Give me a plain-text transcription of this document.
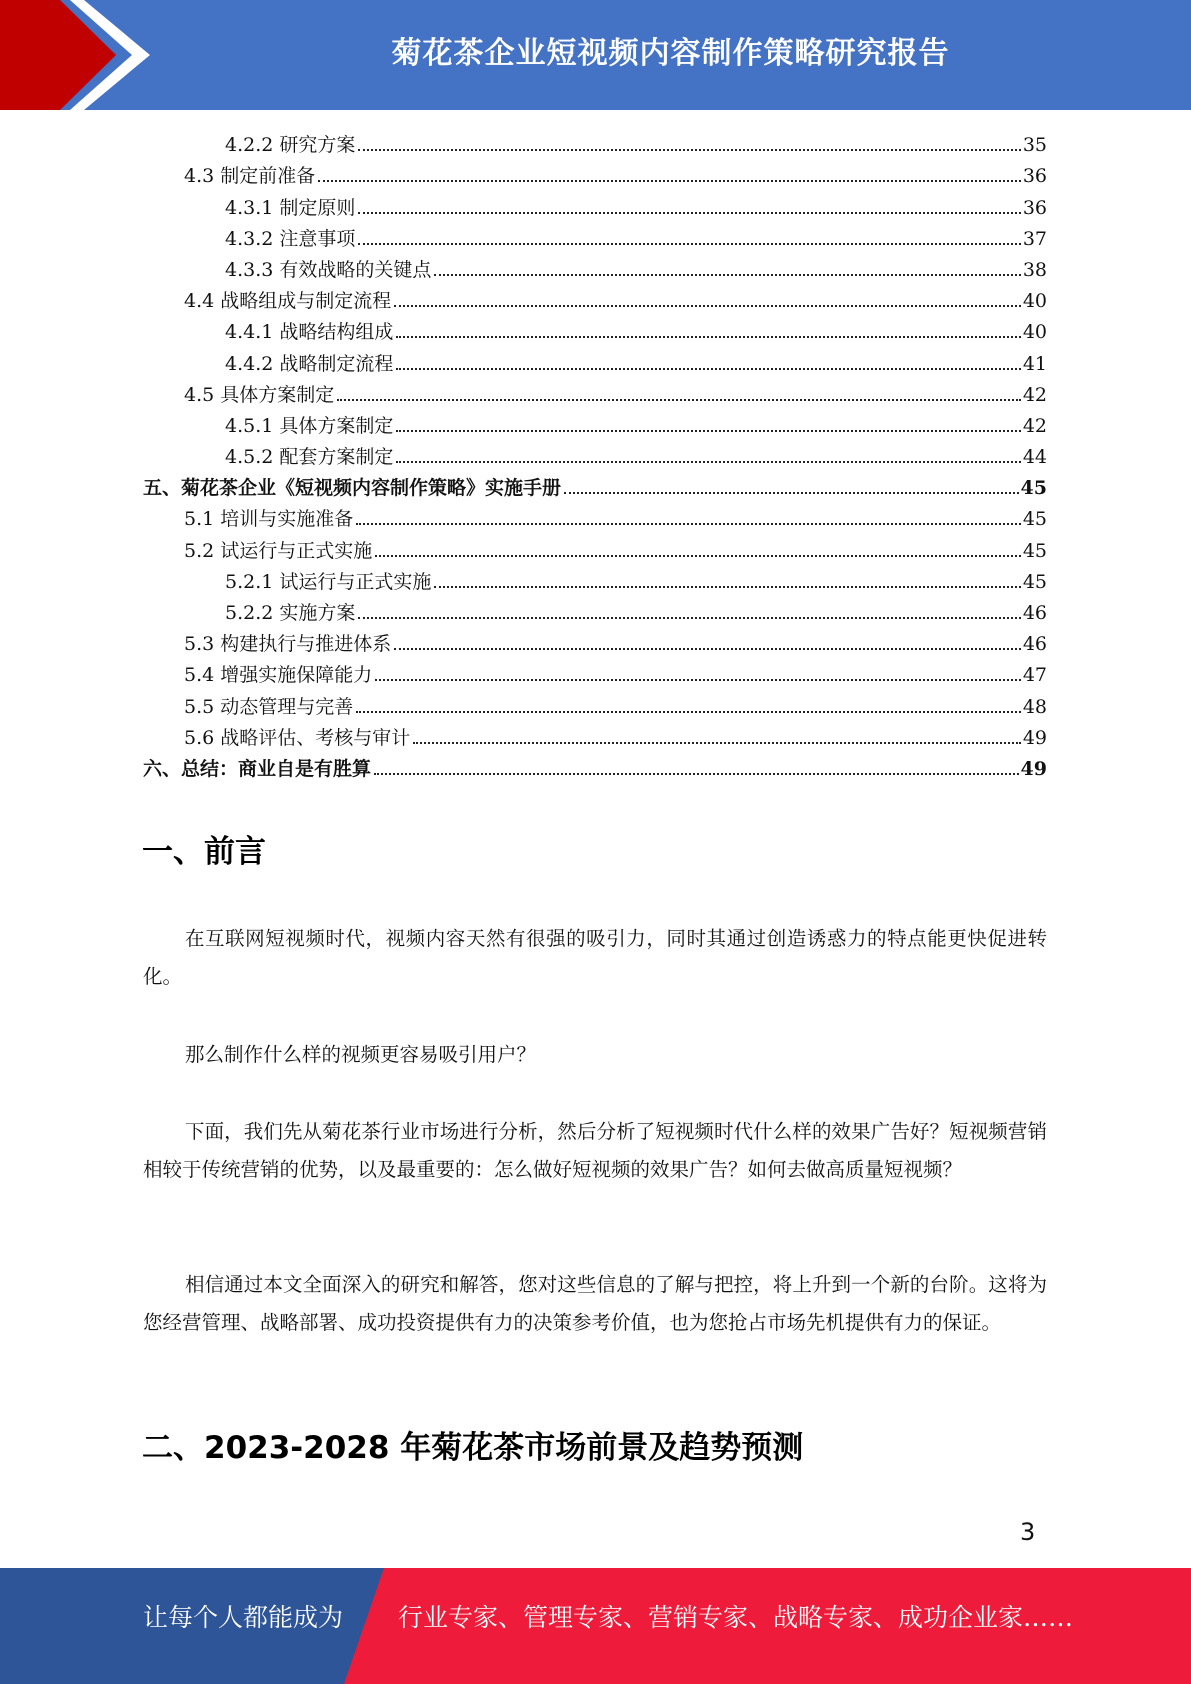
菊花茶企业短视频内容制作策略研究报告
4.2.2 研究方案	35
4.3 制定前准备	36
4.3.1 制定原则	36
4.3.2 注意事项	37
4.3.3 有效战略的关键点	38
4.4 战略组成与制定流程	40
4.4.1 战略结构组成	40
4.4.2 战略制定流程	41
4.5 具体方案制定	42
4.5.1 具体方案制定	42
4.5.2 配套方案制定	44
五、菊花茶企业《短视频内容制作策略》实施手册	45
5.1 培训与实施准备	45
5.2 试运行与正式实施	45
5.2.1 试运行与正式实施	45
5.2.2 实施方案	46
5.3 构建执行与推进体系	46
5.4 增强实施保障能力	47
5.5 动态管理与完善	48
5.6 战略评估、考核与审计	49
六、总结：商业自是有胜算	49
一、前言

在互联网短视频时代，视频内容天然有很强的吸引力，同时其通过创造诱惑力的特点能更快促进转化。

那么制作什么样的视频更容易吸引用户？

下面，我们先从菊花茶行业市场进行分析，然后分析了短视频时代什么样的效果广告好？短视频营销相较于传统营销的优势，以及最重要的：怎么做好短视频的效果广告？如何去做高质量短视频？

相信通过本文全面深入的研究和解答，您对这些信息的了解与把控，将上升到一个新的台阶。这将为您经营管理、战略部署、成功投资提供有力的决策参考价值，也为您抢占市场先机提供有力的保证。

二、2023-2028 年菊花茶市场前景及趋势预测
3
让每个人都能成为 行业专家、管理专家、营销专家、战略专家、成功企业家……
